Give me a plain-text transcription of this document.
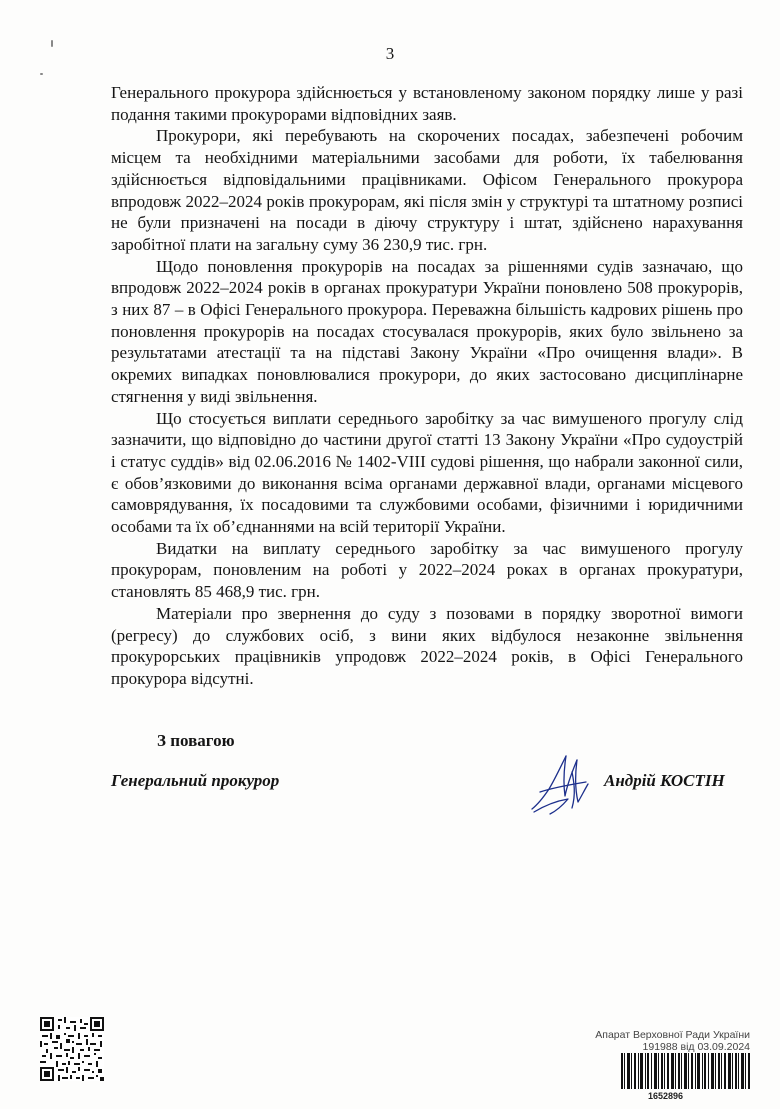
3

Генерального прокурора здійснюється у встановленому законом порядку лише у разі подання такими прокурорами відповідних заяв.

Прокурори, які перебувають на скорочених посадах, забезпечені робочим місцем та необхідними матеріальними засобами для роботи, їх табелювання здійснюється відповідальними працівниками. Офісом Генерального прокурора впродовж 2022–2024 років прокурорам, які після змін у структурі та штатному розписі не були призначені на посади в діючу структуру і штат, здійснено нарахування заробітної плати на загальну суму 36 230,9 тис. грн.

Щодо поновлення прокурорів на посадах за рішеннями судів зазначаю, що впродовж 2022–2024 років в органах прокуратури України поновлено 508 прокурорів, з них 87 – в Офісі Генерального прокурора. Переважна більшість кадрових рішень про поновлення прокурорів на посадах стосувалася прокурорів, яких було звільнено за результатами атестації та на підставі Закону України «Про очищення влади». В окремих випадках поновлювалися прокурори, до яких застосовано дисциплінарне стягнення у виді звільнення.

Що стосується виплати середнього заробітку за час вимушеного прогулу слід зазначити, що відповідно до частини другої статті 13 Закону України «Про судоустрій і статус суддів» від 02.06.2016 № 1402-VIII судові рішення, що набрали законної сили, є обов’язковими до виконання всіма органами державної влади, органами місцевого самоврядування, їх посадовими та службовими особами, фізичними і юридичними особами та їх об’єднаннями на всій території України.

Видатки на виплату середнього заробітку за час вимушеного прогулу прокурорам, поновленим на роботі у 2022–2024 роках в органах прокуратури, становлять 85 468,9 тис. грн.

Матеріали про звернення до суду з позовами в порядку зворотної вимоги (регресу) до службових осіб, з вини яких відбулося незаконне звільнення прокурорських працівників упродовж 2022–2024 років, в Офісі Генерального прокурора відсутні.

З повагою
Генеральний прокурор	Андрій КОСТІН
Апарат Верховної Ради України
191988 від 03.09.2024
1652896
